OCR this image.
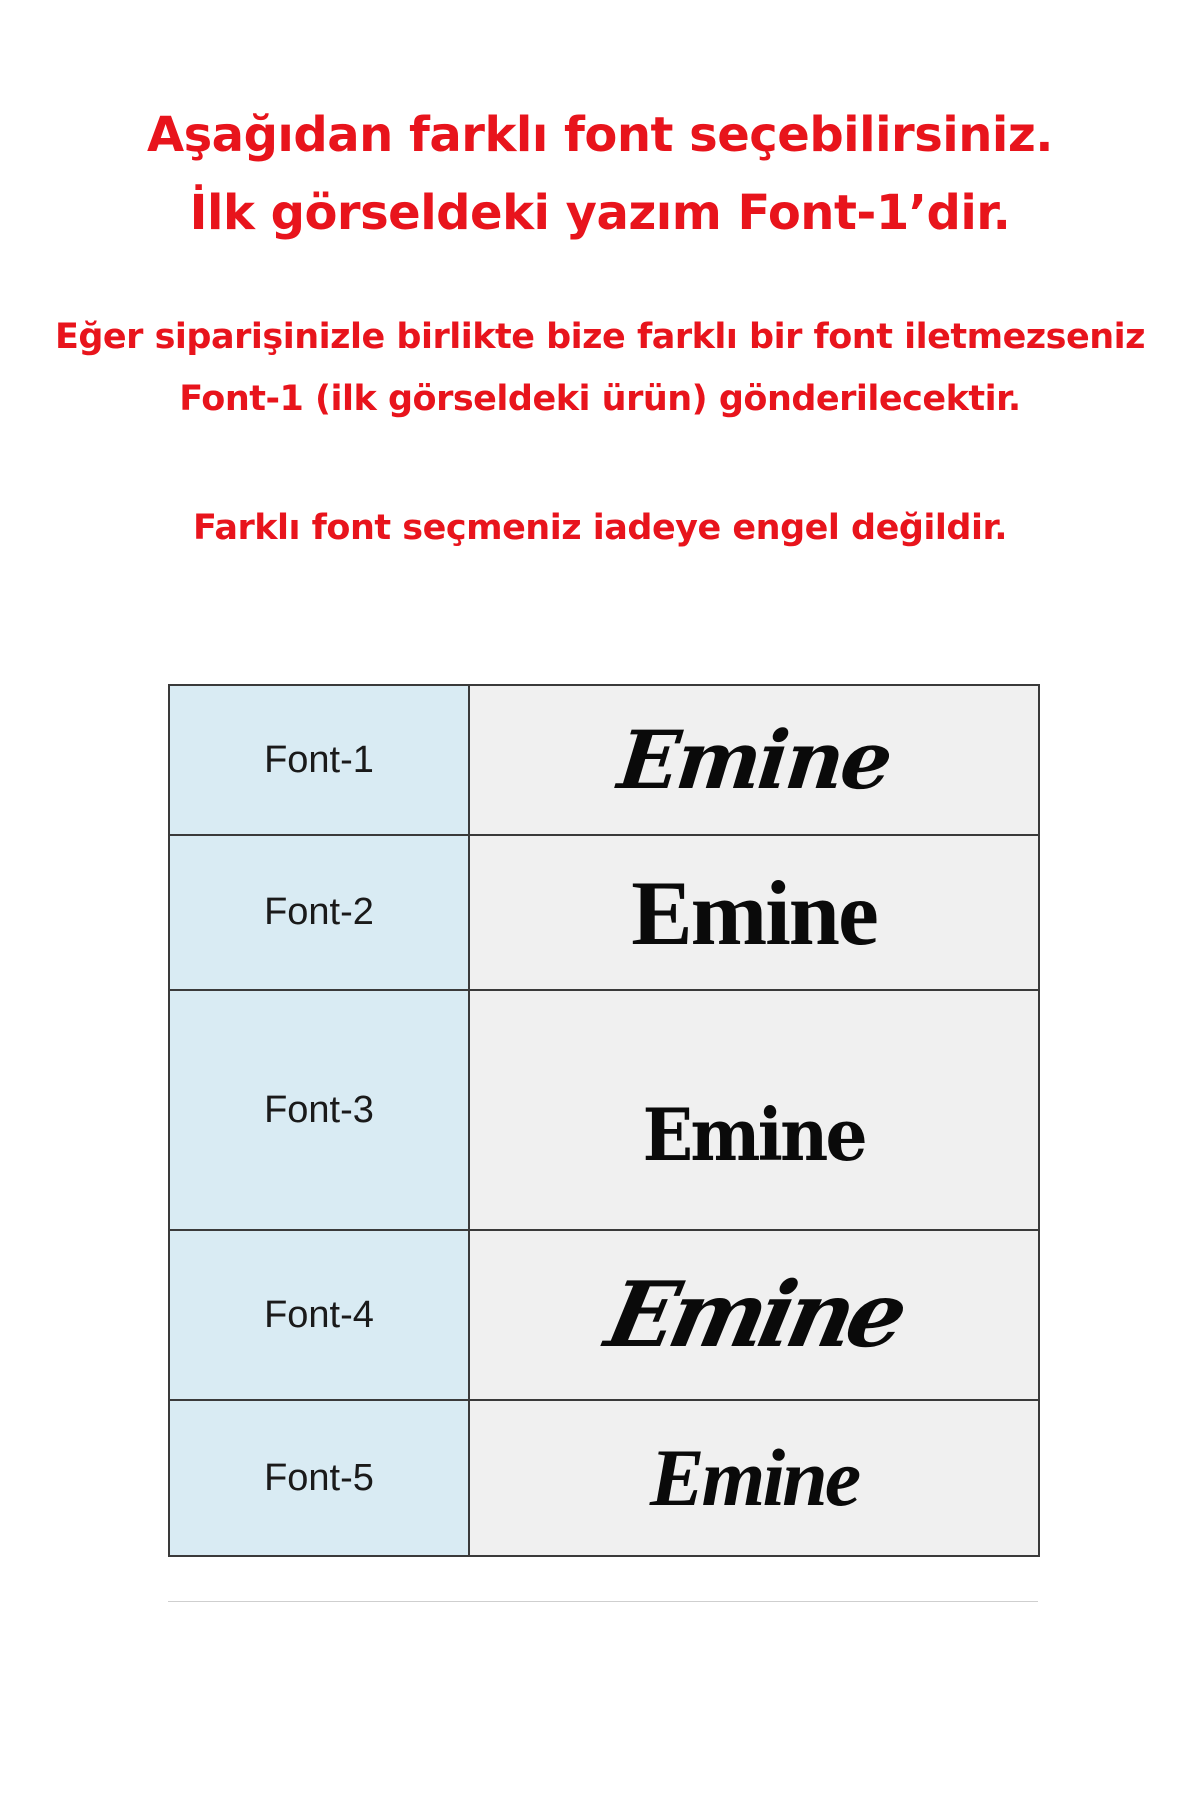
Aşağıdan farklı font seçebilirsiniz.
İlk görseldeki yazım Font-1’dir.
Eğer siparişinizle birlikte bize farklı bir font iletmezseniz
Font-1 (ilk görseldeki ürün) gönderilecektir.
Farklı font seçmeniz iadeye engel değildir.
Font-1	Emine
Font-2	Emine
Font-3	Emine
Font-4	Emine
Font-5	Emine
